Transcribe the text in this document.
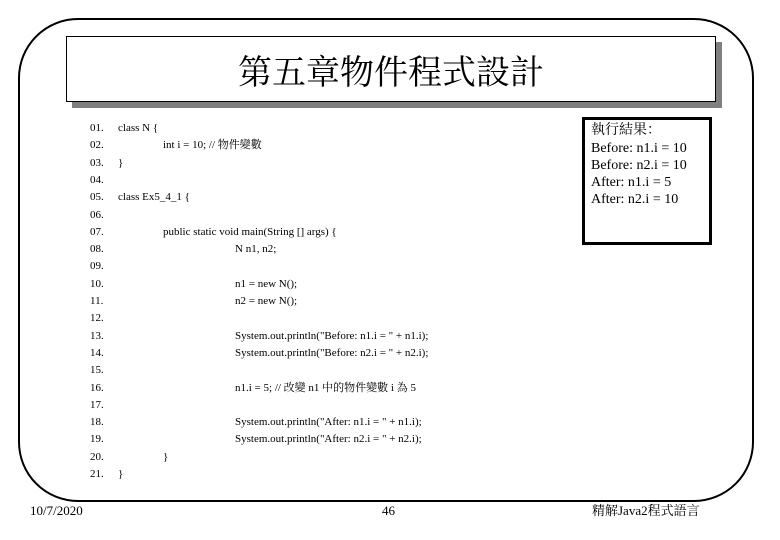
第五章物件程式設計
01.	class N {
02.	int i = 10; // 物件變數
03.	}
04.
05.	class Ex5_4_1 {
06.
07.	public static void main(String [] args) {
08.	N n1, n2;
09.
10.	n1 = new N();
11.	n2 = new N();
12.
13.	System.out.println("Before: n1.i = " + n1.i);
14.	System.out.println("Before: n2.i = " + n2.i);
15.
16.	n1.i = 5; // 改變 n1 中的物件變數 i 為 5
17.
18.	System.out.println("After: n1.i = " + n1.i);
19.	System.out.println("After: n2.i = " + n2.i);
20.	}
21.	}
執行結果：
Before: n1.i = 10
Before: n2.i = 10
After: n1.i = 5
After: n2.i = 10
10/7/2020	46	精解Java2程式語言
